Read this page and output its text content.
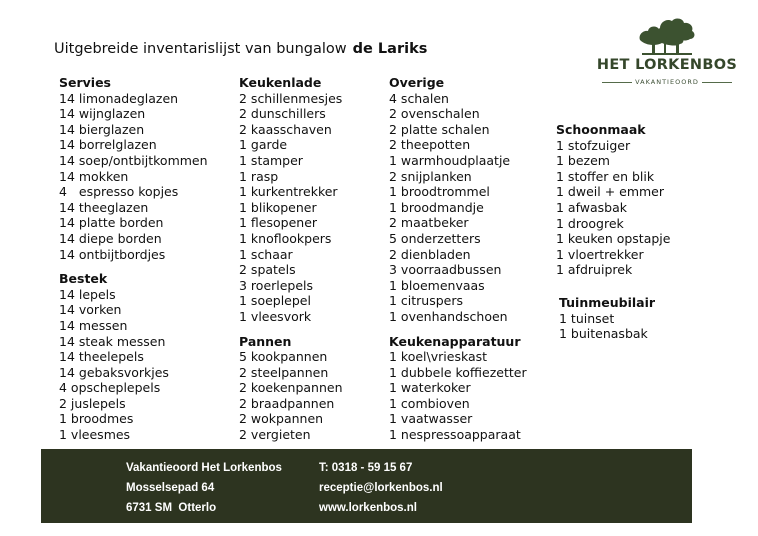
Uitgebreide inventarislijst van bungalow de Lariks
HET LORKENBOS
VAKANTIEOORD
Servies
14 limonadeglazen
14 wijnglazen
14 bierglazen
14 borrelglazen
14 soep/ontbijtkommen
14 mokken
4   espresso kopjes
14 theeglazen
14 platte borden
14 diepe borden
14 ontbijtbordjes
Bestek
14 lepels
14 vorken
14 messen
14 steak messen
14 theelepels
14 gebaksvorkjes
4 opscheplepels
2 juslepels
1 broodmes
1 vleesmes
Keukenlade
2 schillenmesjes
2 dunschillers
2 kaasschaven
1 garde
1 stamper
1 rasp
1 kurkentrekker
1 blikopener
1 flesopener
1 knoflookpers
1 schaar
2 spatels
3 roerlepels
1 soeplepel
1 vleesvork
Pannen
5 kookpannen
2 steelpannen
2 koekenpannen
2 braadpannen
2 wokpannen
2 vergieten
Overige
4 schalen
2 ovenschalen
2 platte schalen
2 theepotten
1 warmhoudplaatje
2 snijplanken
1 broodtrommel
1 broodmandje
2 maatbeker
5 onderzetters
2 dienbladen
3 voorraadbussen
1 bloemenvaas
1 citruspers
1 ovenhandschoen
Keukenapparatuur
1 koel\vrieskast
1 dubbele koffiezetter
1 waterkoker
1 combioven
1 vaatwasser
1 nespressoapparaat
Schoonmaak
1 stofzuiger
1 bezem
1 stoffer en blik
1 dweil + emmer
1 afwasbak
1 droogrek
1 keuken opstapje
1 vloertrekker
1 afdruiprek
Tuinmeubilair
1 tuinset
1 buitenasbak
Vakantieoord Het Lorkenbos
Mosselsepad 64
6731 SM  Otterlo
T: 0318 - 59 15 67
receptie@lorkenbos.nl
www.lorkenbos.nl
